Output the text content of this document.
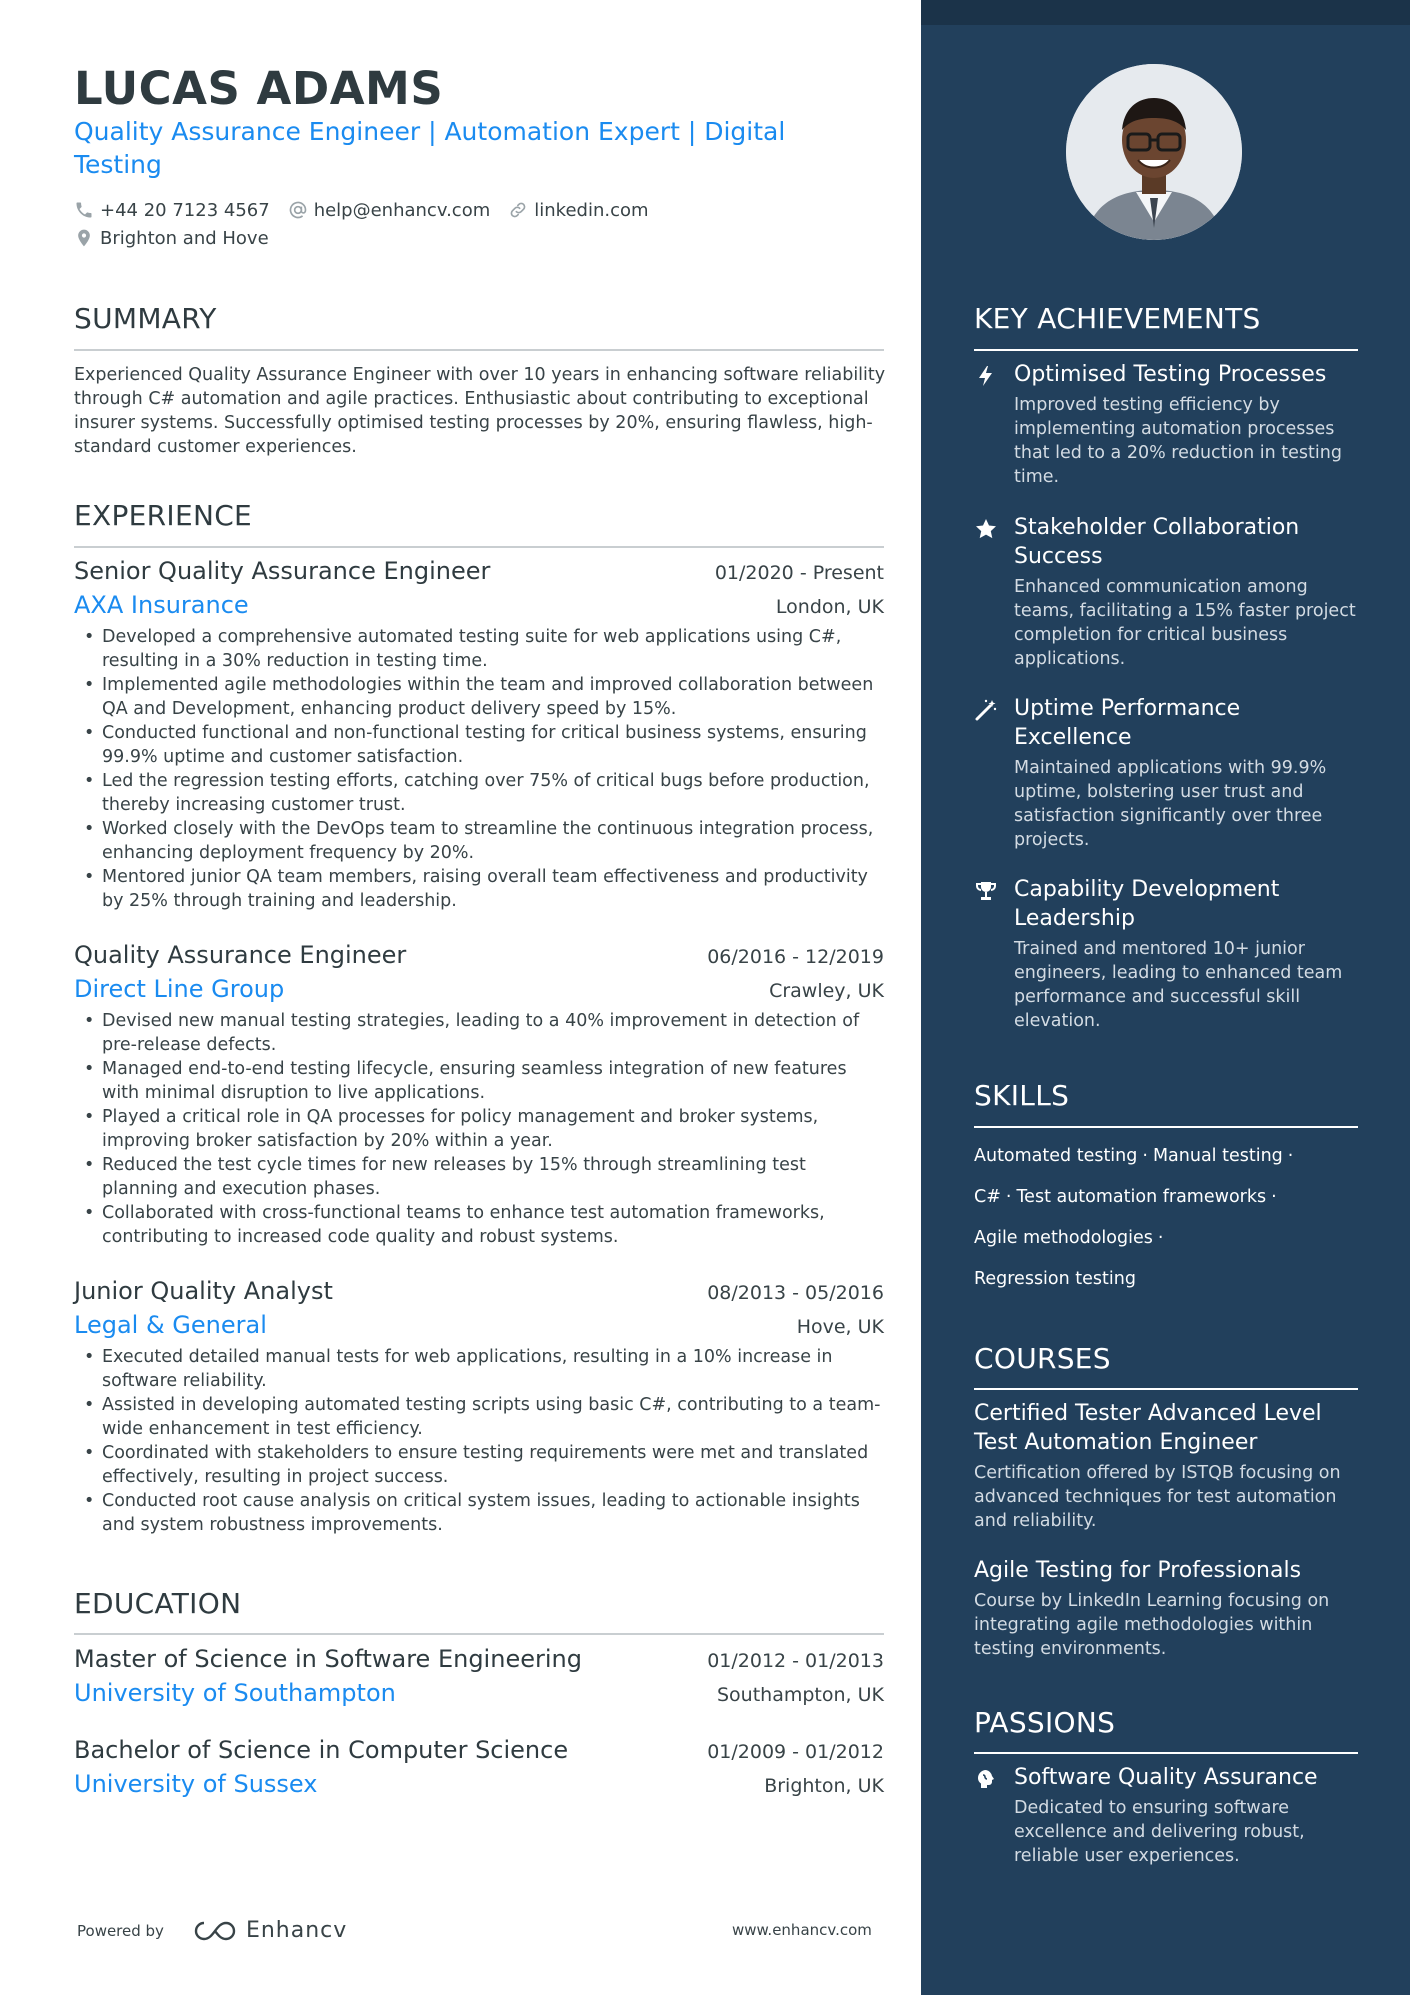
LUCAS ADAMS
Quality Assurance Engineer | Automation Expert | Digital Testing
+44 20 7123 4567 help@enhancv.com linkedin.com
Brighton and Hove
SUMMARY
Experienced Quality Assurance Engineer with over 10 years in enhancing software reliability through C# automation and agile practices. Enthusiastic about contributing to exceptional insurer systems. Successfully optimised testing processes by 20%, ensuring flawless, high-standard customer experiences.
EXPERIENCE
Senior Quality Assurance Engineer	01/2020 - Present
AXA Insurance	London, UK
• Developed a comprehensive automated testing suite for web applications using C#, resulting in a 30% reduction in testing time.
• Implemented agile methodologies within the team and improved collaboration between QA and Development, enhancing product delivery speed by 15%.
• Conducted functional and non-functional testing for critical business systems, ensuring 99.9% uptime and customer satisfaction.
• Led the regression testing efforts, catching over 75% of critical bugs before production, thereby increasing customer trust.
• Worked closely with the DevOps team to streamline the continuous integration process, enhancing deployment frequency by 20%.
• Mentored junior QA team members, raising overall team effectiveness and productivity by 25% through training and leadership.
Quality Assurance Engineer	06/2016 - 12/2019
Direct Line Group	Crawley, UK
• Devised new manual testing strategies, leading to a 40% improvement in detection of pre-release defects.
• Managed end-to-end testing lifecycle, ensuring seamless integration of new features with minimal disruption to live applications.
• Played a critical role in QA processes for policy management and broker systems, improving broker satisfaction by 20% within a year.
• Reduced the test cycle times for new releases by 15% through streamlining test planning and execution phases.
• Collaborated with cross-functional teams to enhance test automation frameworks, contributing to increased code quality and robust systems.
Junior Quality Analyst	08/2013 - 05/2016
Legal & General	Hove, UK
• Executed detailed manual tests for web applications, resulting in a 10% increase in software reliability.
• Assisted in developing automated testing scripts using basic C#, contributing to a team-wide enhancement in test efficiency.
• Coordinated with stakeholders to ensure testing requirements were met and translated effectively, resulting in project success.
• Conducted root cause analysis on critical system issues, leading to actionable insights and system robustness improvements.
EDUCATION
Master of Science in Software Engineering	01/2012 - 01/2013
University of Southampton	Southampton, UK
Bachelor of Science in Computer Science	01/2009 - 01/2012
University of Sussex	Brighton, UK
Powered by	Enhancv	www.enhancv.com
KEY ACHIEVEMENTS
Optimised Testing Processes
Improved testing efficiency by implementing automation processes that led to a 20% reduction in testing time.
Stakeholder Collaboration Success
Enhanced communication among teams, facilitating a 15% faster project completion for critical business applications.
Uptime Performance Excellence
Maintained applications with 99.9% uptime, bolstering user trust and satisfaction significantly over three projects.
Capability Development Leadership
Trained and mentored 10+ junior engineers, leading to enhanced team performance and successful skill elevation.
SKILLS
Automated testing · Manual testing ·
C# · Test automation frameworks ·
Agile methodologies ·
Regression testing
COURSES
Certified Tester Advanced Level Test Automation Engineer
Certification offered by ISTQB focusing on advanced techniques for test automation and reliability.
Agile Testing for Professionals
Course by LinkedIn Learning focusing on integrating agile methodologies within testing environments.
PASSIONS
Software Quality Assurance
Dedicated to ensuring software excellence and delivering robust, reliable user experiences.
